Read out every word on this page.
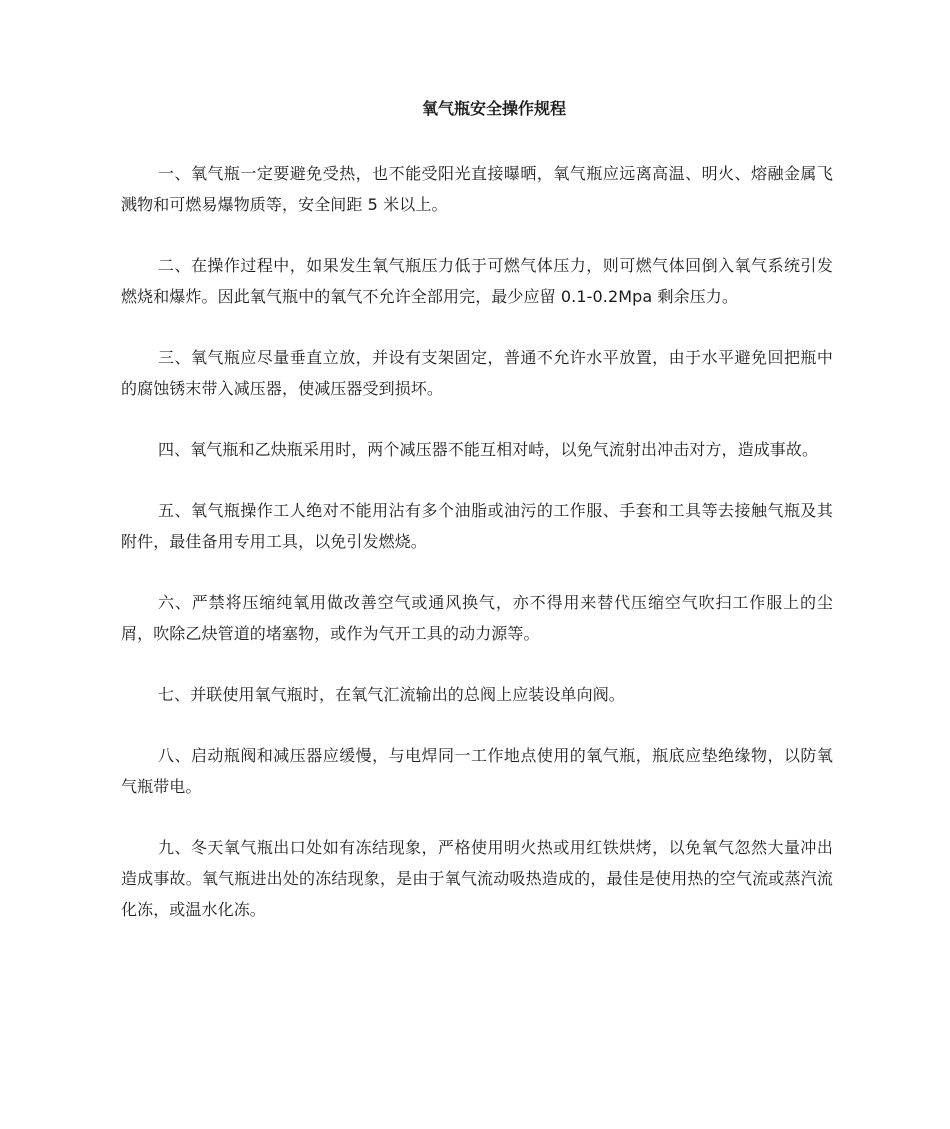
氧气瓶安全操作规程

一、氧气瓶一定要避免受热，也不能受阳光直接曝晒，氧气瓶应远离高温、明火、熔融金属飞溅物和可燃易爆物质等，安全间距 5 米以上。

二、在操作过程中，如果发生氧气瓶压力低于可燃气体压力，则可燃气体回倒入氧气系统引发燃烧和爆炸。因此氧气瓶中的氧气不允许全部用完，最少应留 0.1-0.2Mpa 剩余压力。

三、氧气瓶应尽量垂直立放，并设有支架固定，普通不允许水平放置，由于水平避免回把瓶中的腐蚀锈末带入减压器，使减压器受到损坏。

四、氧气瓶和乙炔瓶采用时，两个减压器不能互相对峙，以免气流射出冲击对方，造成事故。

五、氧气瓶操作工人绝对不能用沾有多个油脂或油污的工作服、手套和工具等去接触气瓶及其附件，最佳备用专用工具，以免引发燃烧。

六、严禁将压缩纯氧用做改善空气或通风换气，亦不得用来替代压缩空气吹扫工作服上的尘屑，吹除乙炔管道的堵塞物，或作为气开工具的动力源等。

七、并联使用氧气瓶时，在氧气汇流输出的总阀上应装设单向阀。

八、启动瓶阀和减压器应缓慢，与电焊同一工作地点使用的氧气瓶，瓶底应垫绝缘物，以防氧气瓶带电。

九、冬天氧气瓶出口处如有冻结现象，严格使用明火热或用红铁烘烤，以免氧气忽然大量冲出造成事故。氧气瓶进出处的冻结现象，是由于氧气流动吸热造成的，最佳是使用热的空气流或蒸汽流化冻，或温水化冻。
